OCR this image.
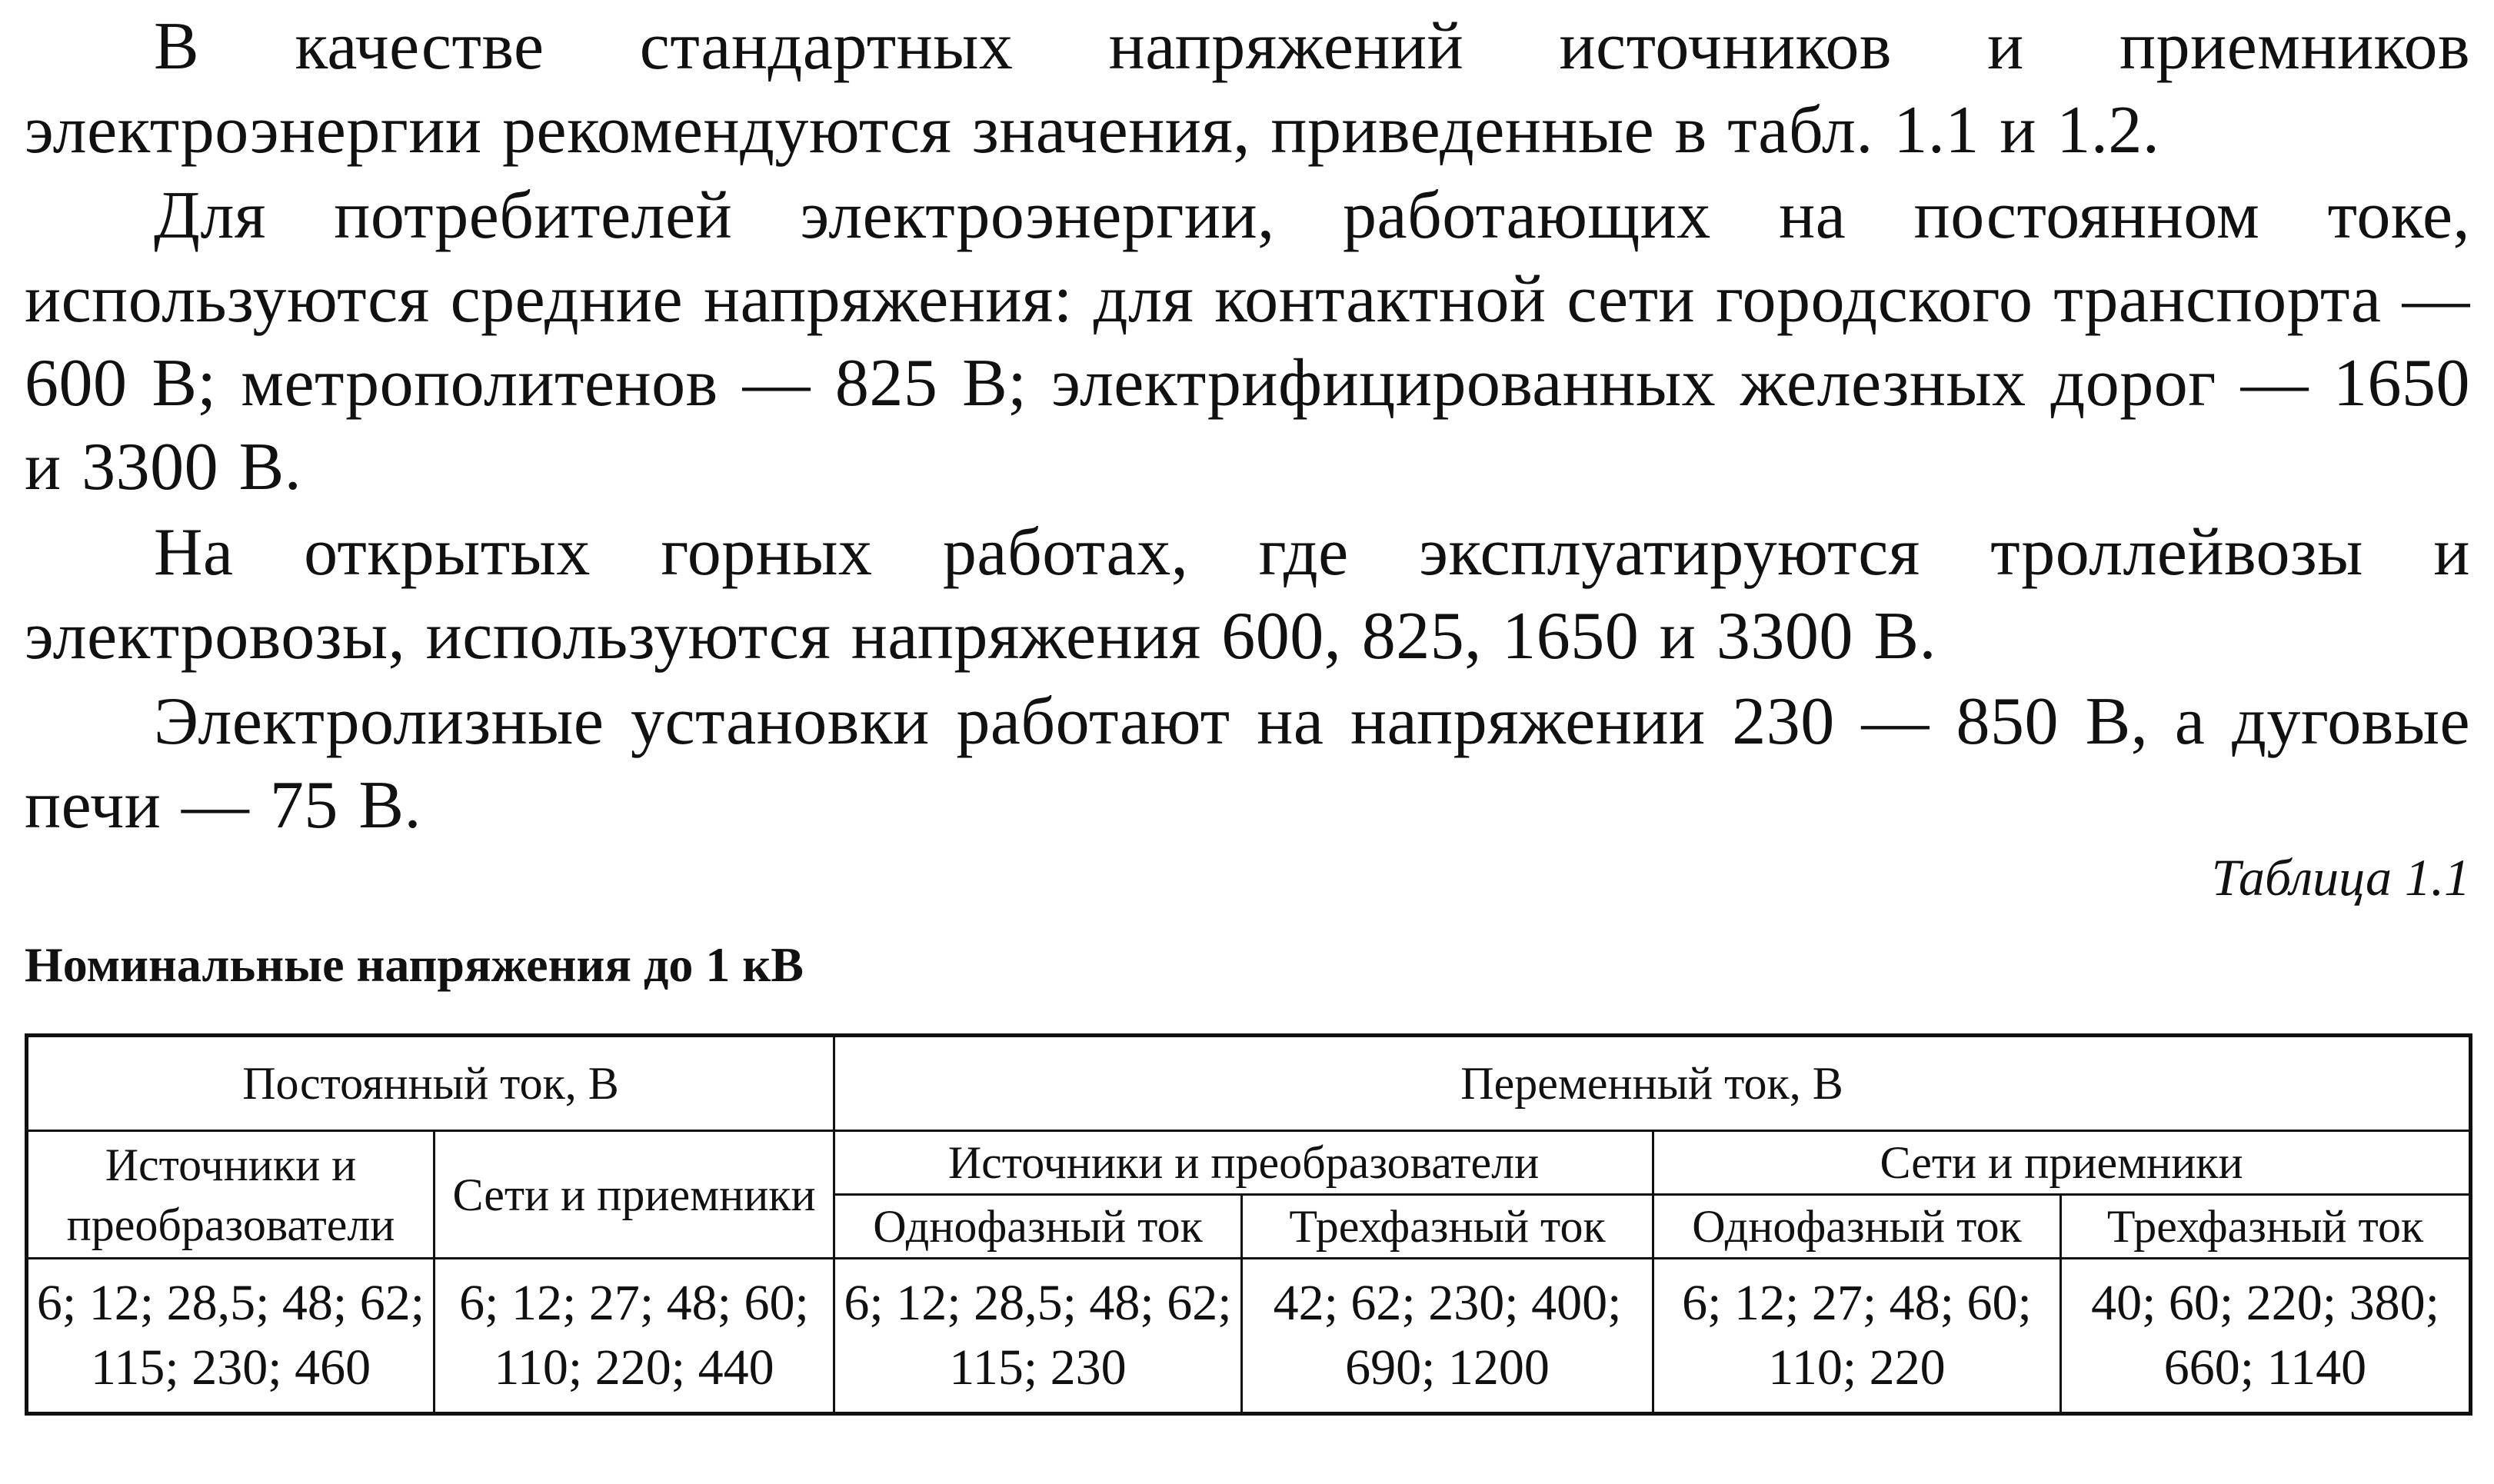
В качестве стандартных напряжений источников и приемников электроэнергии рекомендуются значения, приведенные в табл. 1.1 и 1.2.

Для потребителей электроэнергии, работающих на постоянном токе, используются средние напряжения: для контактной сети городского транспорта — 600 В; метрополитенов — 825 В; электрифицированных железных дорог — 1650 и 3300 В.

На открытых горных работах, где эксплуатируются троллейвозы и электровозы, используются напряжения 600, 825, 1650 и 3300 В.

Электролизные установки работают на напряжении 230 — 850 В, а дуговые печи — 75 В.

Таблица 1.1
Номинальные напряжения до 1 кВ
Постоянный ток, В		Переменный ток, В			
Источники и преобразователи	Сети и приемники	Источники и преобразователи		Сети и приемники	
		Однофазный ток	Трехфазный ток	Однофазный ток	Трехфазный ток
6; 12; 28,5; 48; 62; 115; 230; 460	6; 12; 27; 48; 60; 110; 220; 440	6; 12; 28,5; 48; 62; 115; 230	42; 62; 230; 400; 690; 1200	6; 12; 27; 48; 60; 110; 220	40; 60; 220; 380; 660; 1140
